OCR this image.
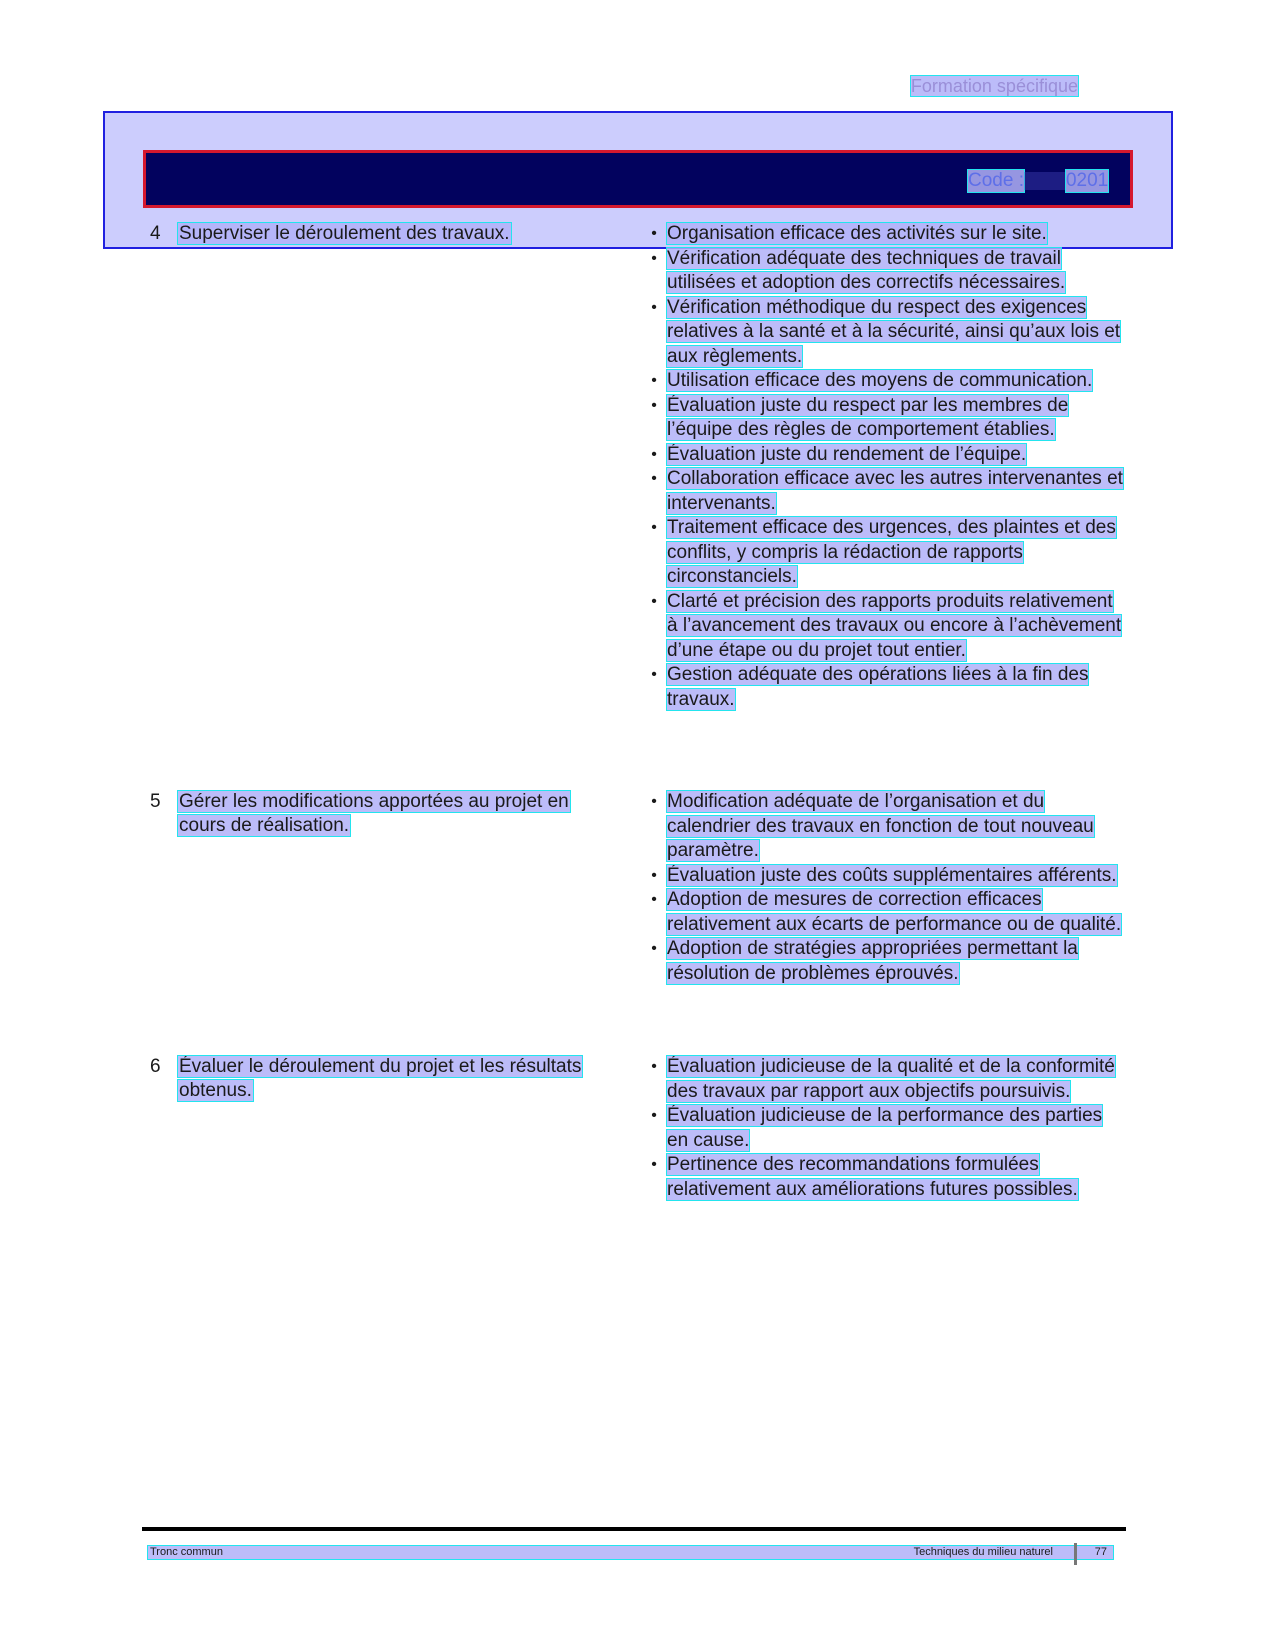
Formation spécifique
Code : 0201
4 Superviser le déroulement des travaux.	• Organisation efficace des activités sur le site.
• Vérification adéquate des techniques de travail utilisées et adoption des correctifs nécessaires.
• Vérification méthodique du respect des exigences relatives à la santé et à la sécurité, ainsi qu’aux lois et aux règlements.
• Utilisation efficace des moyens de communication.
• Évaluation juste du respect par les membres de l’équipe des règles de comportement établies.
• Évaluation juste du rendement de l’équipe.
• Collaboration efficace avec les autres intervenantes et intervenants.
• Traitement efficace des urgences, des plaintes et des conflits, y compris la rédaction de rapports circonstanciels.
• Clarté et précision des rapports produits relativement à l’avancement des travaux ou encore à l’achèvement d’une étape ou du projet tout entier.
• Gestion adéquate des opérations liées à la fin des travaux.
5 Gérer les modifications apportées au projet en
cours de réalisation.
• Modification adéquate de l’organisation et du calendrier des travaux en fonction de tout nouveau paramètre.
• Évaluation juste des coûts supplémentaires afférents.
• Adoption de mesures de correction efficaces relativement aux écarts de performance ou de qualité.
• Adoption de stratégies appropriées permettant la résolution de problèmes éprouvés.
6 Évaluer le déroulement du projet et les résultats
obtenus.
• Évaluation judicieuse de la qualité et de la conformité des travaux par rapport aux objectifs poursuivis.
• Évaluation judicieuse de la performance des parties en cause.
• Pertinence des recommandations formulées relativement aux améliorations futures possibles.
Tronc commun	Techniques du milieu naturel	77
